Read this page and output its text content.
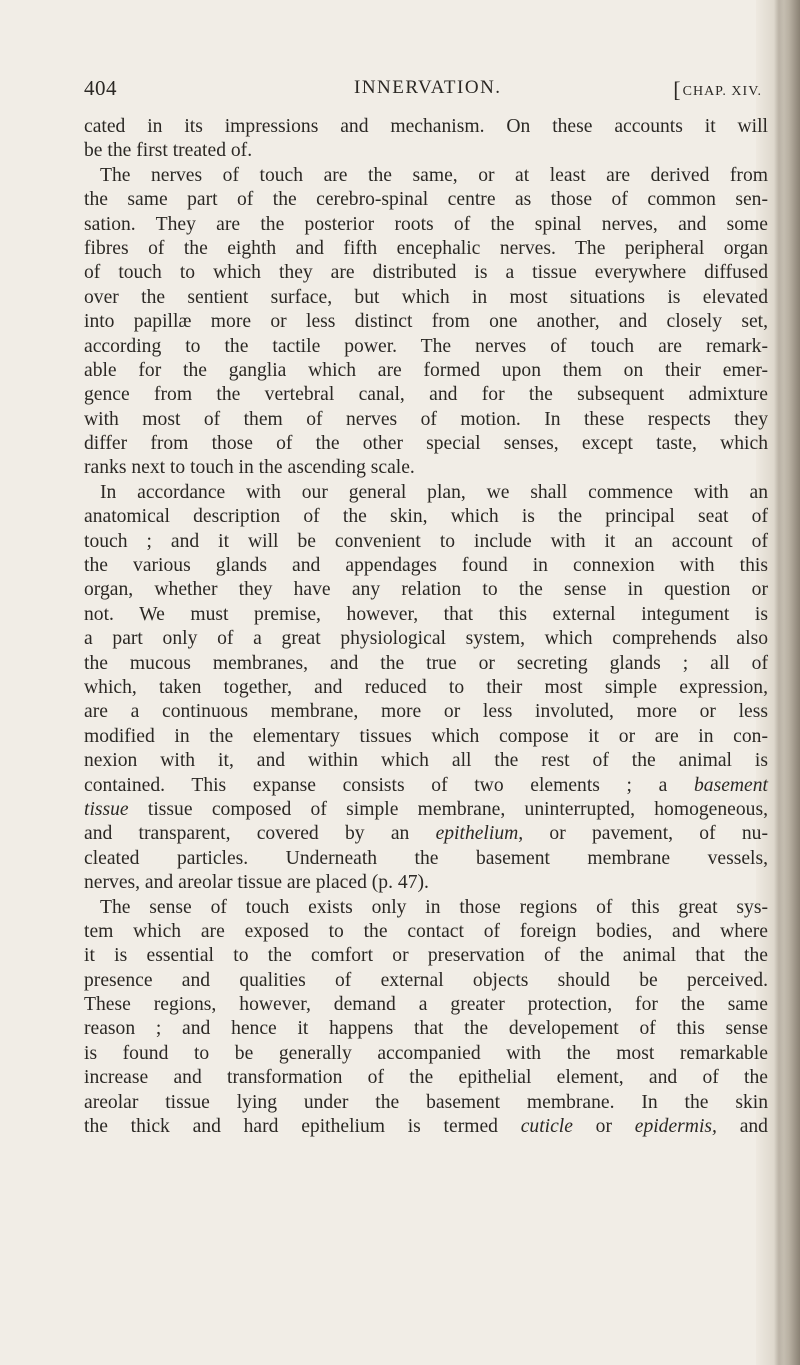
404	INNERVATION.	[CHAP. XIV.
cated in its impressions and mechanism. On these accounts it will
be the first treated of.
The nerves of touch are the same, or at least are derived from
the same part of the cerebro-spinal centre as those of common sen-
sation. They are the posterior roots of the spinal nerves, and some
fibres of the eighth and fifth encephalic nerves. The peripheral organ
of touch to which they are distributed is a tissue everywhere diffused
over the sentient surface, but which in most situations is elevated
into papillæ more or less distinct from one another, and closely set,
according to the tactile power. The nerves of touch are remark-
able for the ganglia which are formed upon them on their emer-
gence from the vertebral canal, and for the subsequent admixture
with most of them of nerves of motion. In these respects they
differ from those of the other special senses, except taste, which
ranks next to touch in the ascending scale.
In accordance with our general plan, we shall commence with an
anatomical description of the skin, which is the principal seat of
touch ; and it will be convenient to include with it an account of
the various glands and appendages found in connexion with this
organ, whether they have any relation to the sense in question or
not. We must premise, however, that this external integument is
a part only of a great physiological system, which comprehends also
the mucous membranes, and the true or secreting glands ; all of
which, taken together, and reduced to their most simple expression,
are a continuous membrane, more or less involuted, more or less
modified in the elementary tissues which compose it or are in con-
nexion with it, and within which all the rest of the animal is
contained. This expanse consists of two elements ; a basement
tissue tissue composed of simple membrane, uninterrupted, homogeneous,
and transparent, covered by an epithelium, or pavement, of nu-
cleated particles. Underneath the basement membrane vessels,
nerves, and areolar tissue are placed (p. 47).
The sense of touch exists only in those regions of this great sys-
tem which are exposed to the contact of foreign bodies, and where
it is essential to the comfort or preservation of the animal that the
presence and qualities of external objects should be perceived.
These regions, however, demand a greater protection, for the same
reason ; and hence it happens that the developement of this sense
is found to be generally accompanied with the most remarkable
increase and transformation of the epithelial element, and of the
areolar tissue lying under the basement membrane. In the skin
the thick and hard epithelium is termed cuticle or epidermis, and
